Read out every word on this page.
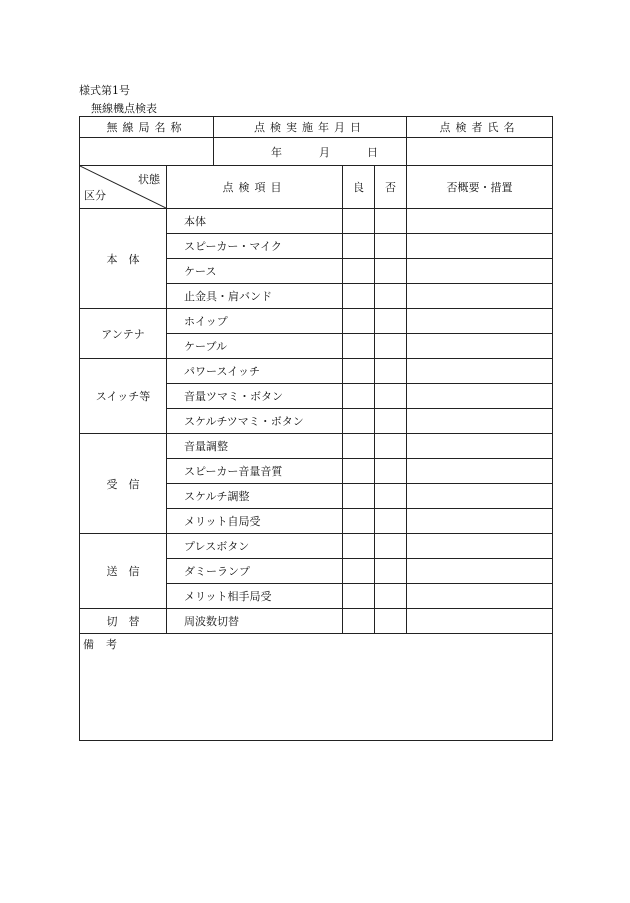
様式第1号
無線機点検表
無線局名称		点検実施年月日			点検者氏名
		年 月 日			

状態
区分	点検項目		良	否	否概要・措置
本　体	本体				
	スピーカー・マイク				
	ケース				
	止金具・肩バンド				
アンテナ	ホイップ				
	ケーブル				
スイッチ等	パワースイッチ				
	音量ツマミ・ボタン				
	スケルチツマミ・ボタン				
受　信	音量調整				
	スピーカー音量音質				
	スケルチ調整				
	メリット自局受				
送　信	プレスボタン				
	ダミーランプ				
	メリット相手局受				
切　替	周波数切替				
備考					
